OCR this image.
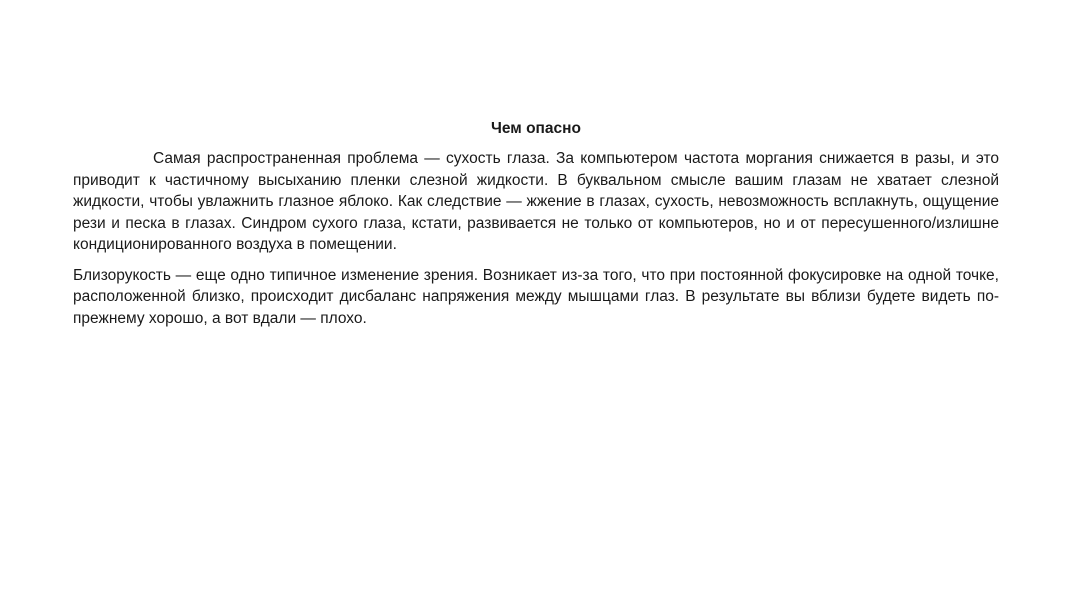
Чем опасно

Самая распространенная проблема — сухость глаза. За компьютером частота моргания снижается в разы, и это приводит к частичному высыханию пленки слезной жидкости. В буквальном смысле вашим глазам не хватает слезной жидкости, чтобы увлажнить глазное яблоко. Как следствие — жжение в глазах, сухость, невозможность всплакнуть, ощущение рези и песка в глазах. Синдром сухого глаза, кстати, развивается не только от компьютеров, но и от пересушенного/излишне кондиционированного воздуха в помещении.

Близорукость — еще одно типичное изменение зрения. Возникает из-за того, что при постоянной фокусировке на одной точке, расположенной близко, происходит дисбаланс напряжения между мышцами глаз. В результате вы вблизи будете видеть по-прежнему хорошо, а вот вдали — плохо.
